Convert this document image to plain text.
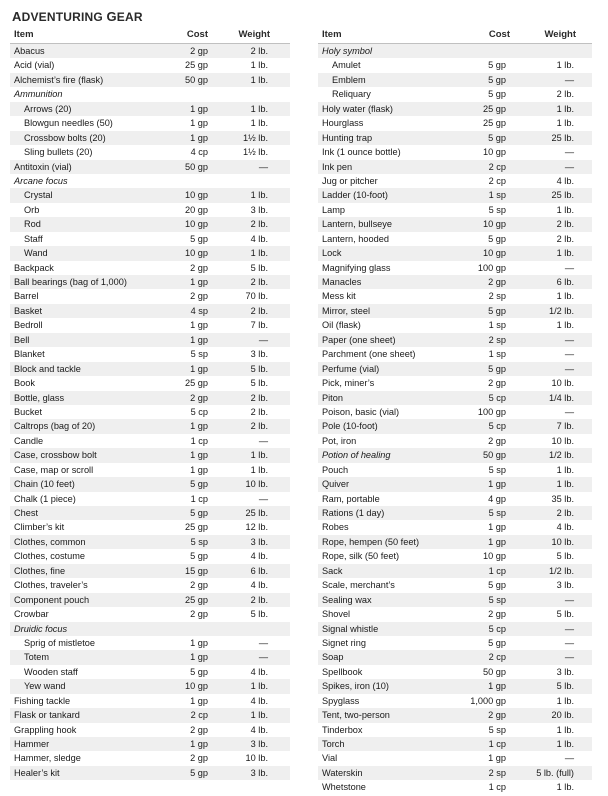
ADVENTURING GEAR
Item	Cost	Weight
Abacus	2 gp	2 lb.
Acid (vial)	25 gp	1 lb.
Alchemist’s fire (flask)	50 gp	1 lb.
Ammunition
Arrows (20)	1 gp	1 lb.
Blowgun needles (50)	1 gp	1 lb.
Crossbow bolts (20)	1 gp	1½ lb.
Sling bullets (20)	4 cp	1½ lb.
Antitoxin (vial)	50 gp	—
Arcane focus
Crystal	10 gp	1 lb.
Orb	20 gp	3 lb.
Rod	10 gp	2 lb.
Staff	5 gp	4 lb.
Wand	10 gp	1 lb.
Backpack	2 gp	5 lb.
Ball bearings (bag of 1,000)	1 gp	2 lb.
Barrel	2 gp	70 lb.
Basket	4 sp	2 lb.
Bedroll	1 gp	7 lb.
Bell	1 gp	—
Blanket	5 sp	3 lb.
Block and tackle	1 gp	5 lb.
Book	25 gp	5 lb.
Bottle, glass	2 gp	2 lb.
Bucket	5 cp	2 lb.
Caltrops (bag of 20)	1 gp	2 lb.
Candle	1 cp	—
Case, crossbow bolt	1 gp	1 lb.
Case, map or scroll	1 gp	1 lb.
Chain (10 feet)	5 gp	10 lb.
Chalk (1 piece)	1 cp	—
Chest	5 gp	25 lb.
Climber’s kit	25 gp	12 lb.
Clothes, common	5 sp	3 lb.
Clothes, costume	5 gp	4 lb.
Clothes, fine	15 gp	6 lb.
Clothes, traveler’s	2 gp	4 lb.
Component pouch	25 gp	2 lb.
Crowbar	2 gp	5 lb.
Druidic focus
Sprig of mistletoe	1 gp	—
Totem	1 gp	—
Wooden staff	5 gp	4 lb.
Yew wand	10 gp	1 lb.
Fishing tackle	1 gp	4 lb.
Flask or tankard	2 cp	1 lb.
Grappling hook	2 gp	4 lb.
Hammer	1 gp	3 lb.
Hammer, sledge	2 gp	10 lb.
Healer’s kit	5 gp	3 lb.
Item	Cost	Weight
Holy symbol
Amulet	5 gp	1 lb.
Emblem	5 gp	—
Reliquary	5 gp	2 lb.
Holy water (flask)	25 gp	1 lb.
Hourglass	25 gp	1 lb.
Hunting trap	5 gp	25 lb.
Ink (1 ounce bottle)	10 gp	—
Ink pen	2 cp	—
Jug or pitcher	2 cp	4 lb.
Ladder (10-foot)	1 sp	25 lb.
Lamp	5 sp	1 lb.
Lantern, bullseye	10 gp	2 lb.
Lantern, hooded	5 gp	2 lb.
Lock	10 gp	1 lb.
Magnifying glass	100 gp	—
Manacles	2 gp	6 lb.
Mess kit	2 sp	1 lb.
Mirror, steel	5 gp	1/2 lb.
Oil (flask)	1 sp	1 lb.
Paper (one sheet)	2 sp	—
Parchment (one sheet)	1 sp	—
Perfume (vial)	5 gp	—
Pick, miner’s	2 gp	10 lb.
Piton	5 cp	1/4 lb.
Poison, basic (vial)	100 gp	—
Pole (10-foot)	5 cp	7 lb.
Pot, iron	2 gp	10 lb.
Potion of healing	50 gp	1/2 lb.
Pouch	5 sp	1 lb.
Quiver	1 gp	1 lb.
Ram, portable	4 gp	35 lb.
Rations (1 day)	5 sp	2 lb.
Robes	1 gp	4 lb.
Rope, hempen (50 feet)	1 gp	10 lb.
Rope, silk (50 feet)	10 gp	5 lb.
Sack	1 cp	1/2 lb.
Scale, merchant’s	5 gp	3 lb.
Sealing wax	5 sp	—
Shovel	2 gp	5 lb.
Signal whistle	5 cp	—
Signet ring	5 gp	—
Soap	2 cp	—
Spellbook	50 gp	3 lb.
Spikes, iron (10)	1 gp	5 lb.
Spyglass	1,000 gp	1 lb.
Tent, two-person	2 gp	20 lb.
Tinderbox	5 sp	1 lb.
Torch	1 cp	1 lb.
Vial	1 gp	—
Waterskin	2 sp	5 lb. (full)
Whetstone	1 cp	1 lb.
